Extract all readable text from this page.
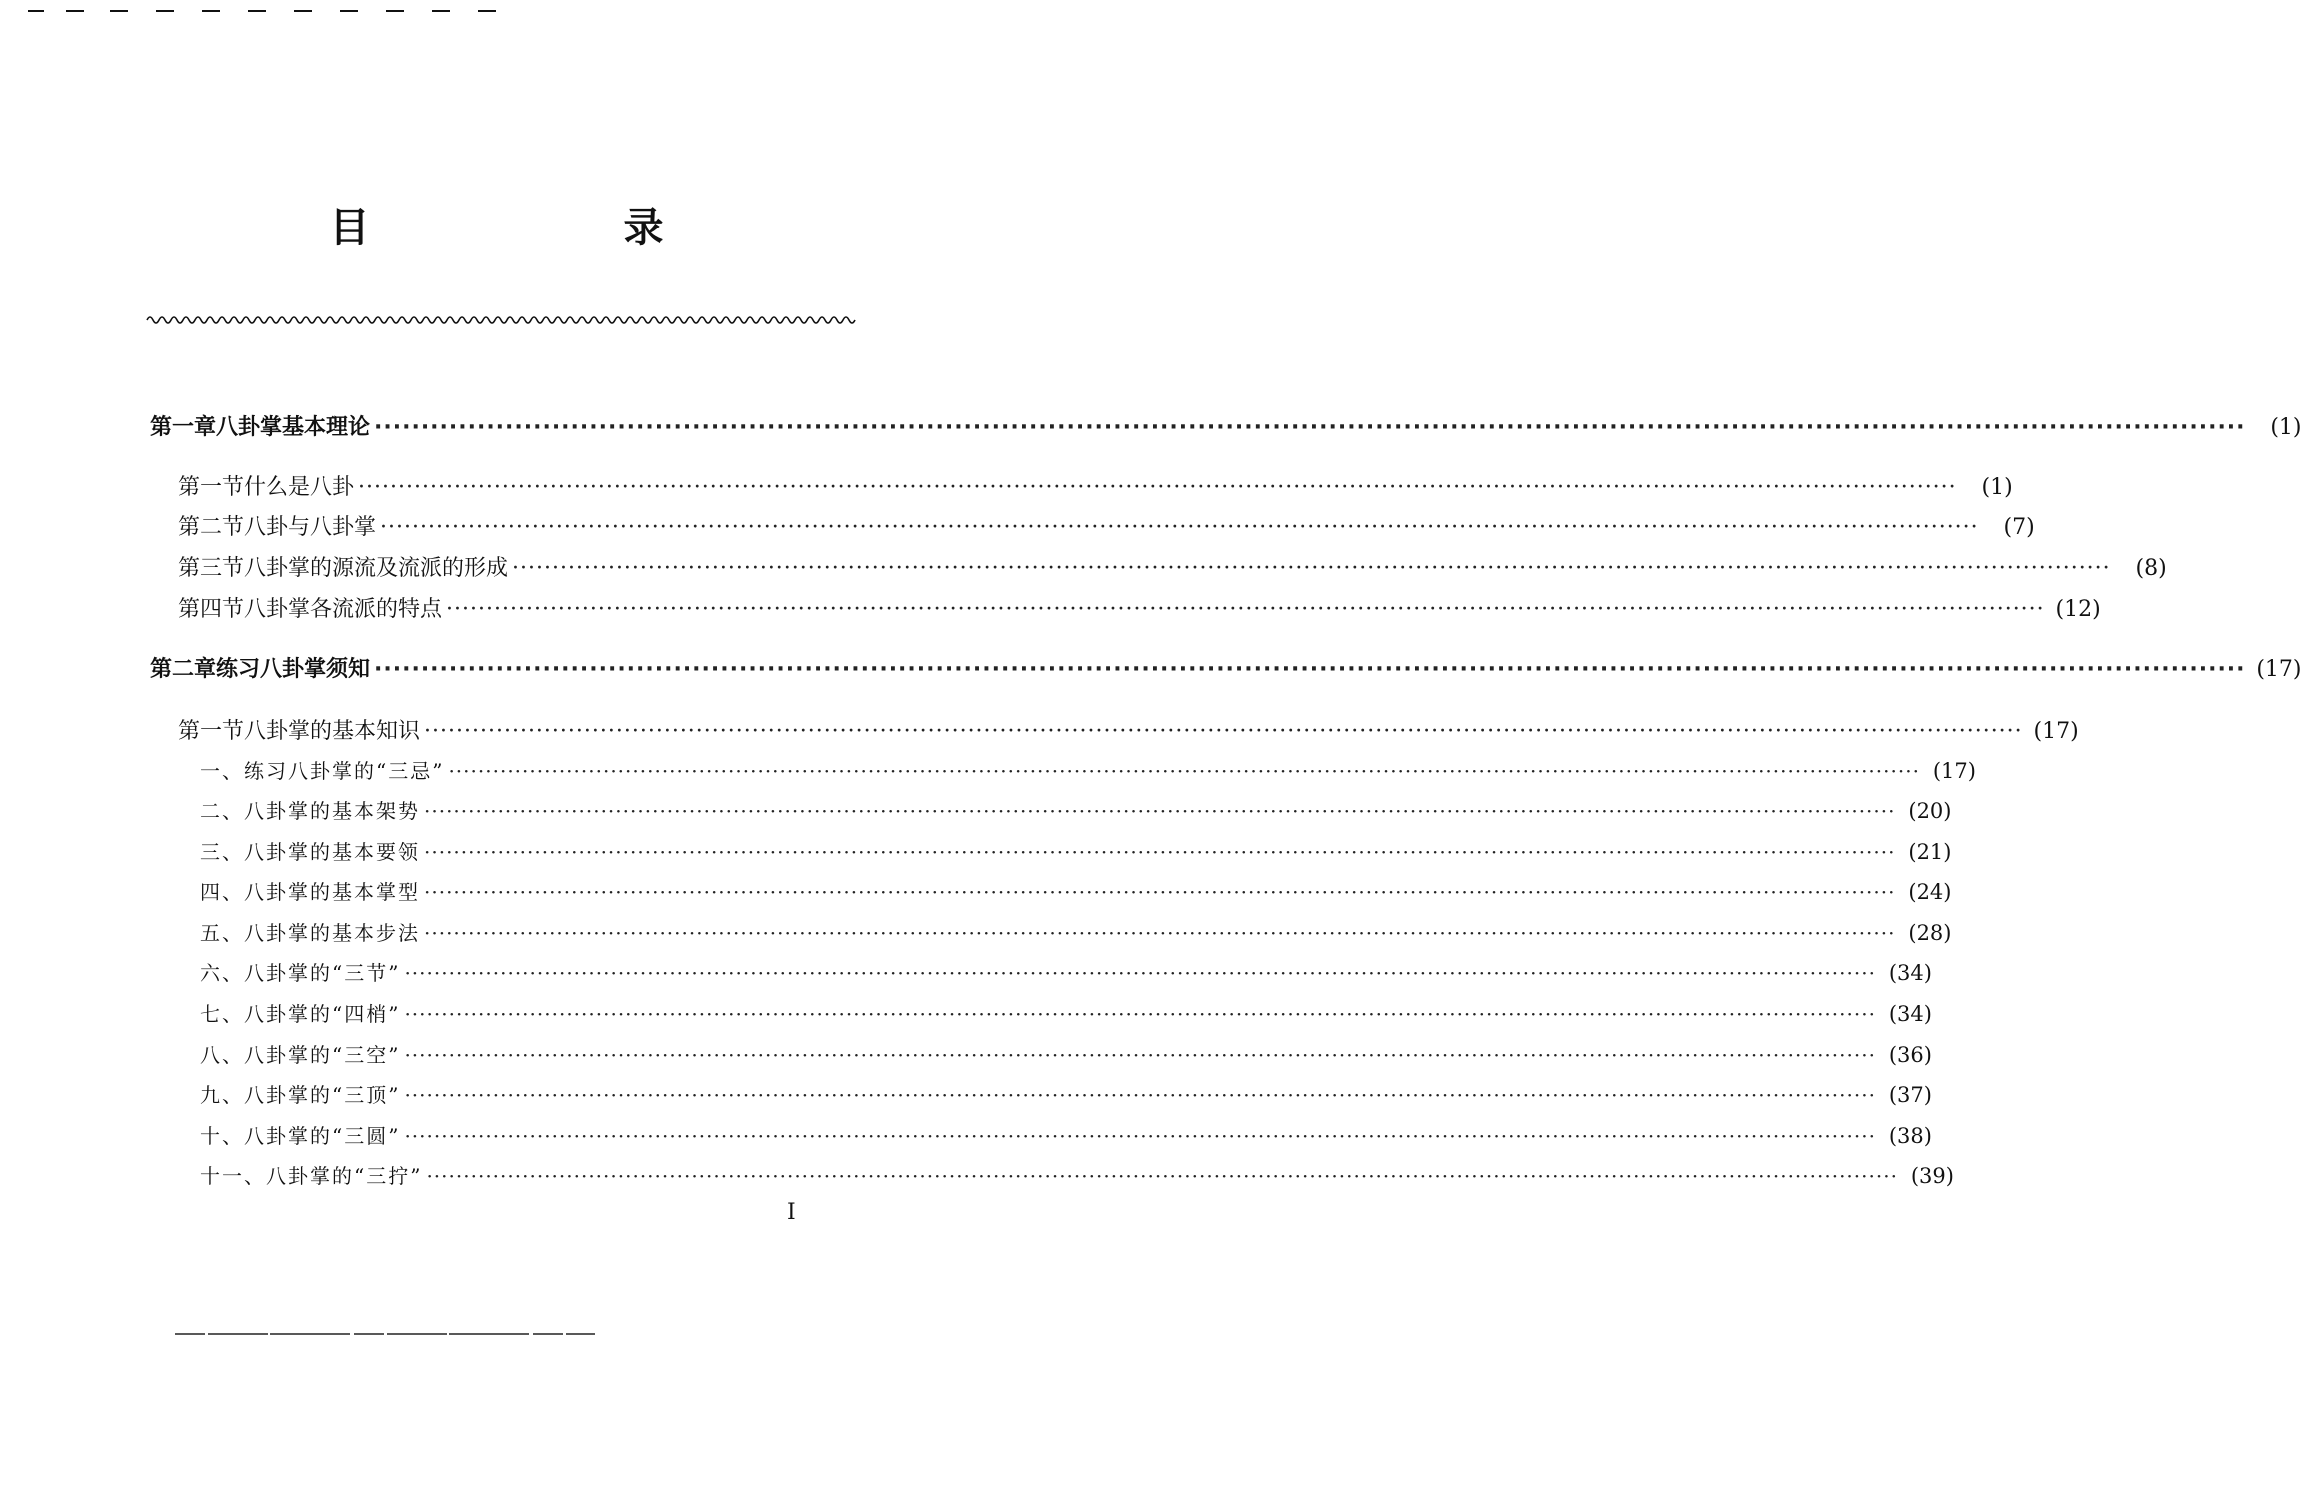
目 录
第一章 八卦掌基本理论 ········································································································································································································	(1)
第一节 什么是八卦 ········································································································································································································	(1)
第二节 八卦与八卦掌 ········································································································································································································	(7)
第三节 八卦掌的源流及流派的形成 ········································································································································································································	(8)
第四节 八卦掌各流派的特点 ········································································································································································································ (12)
第二章 练习八卦掌须知 ········································································································································································································ (17)
第一节 八卦掌的基本知识 ········································································································································································································ (17)
一、练习八卦掌的“三忌” ········································································································································································································ (17)
二、八卦掌的基本架势 ········································································································································································································ (20)
三、八卦掌的基本要领 ········································································································································································································ (21)
四、八卦掌的基本掌型 ········································································································································································································ (24)
五、八卦掌的基本步法 ········································································································································································································ (28)
六、八卦掌的“三节” ········································································································································································································ (34)
七、八卦掌的“四梢” ········································································································································································································ (34)
八、八卦掌的“三空” ········································································································································································································ (36)
九、八卦掌的“三顶” ········································································································································································································ (37)
十、八卦掌的“三圆” ········································································································································································································ (38)
十一、八卦掌的“三拧” ········································································································································································································ (39)
I
